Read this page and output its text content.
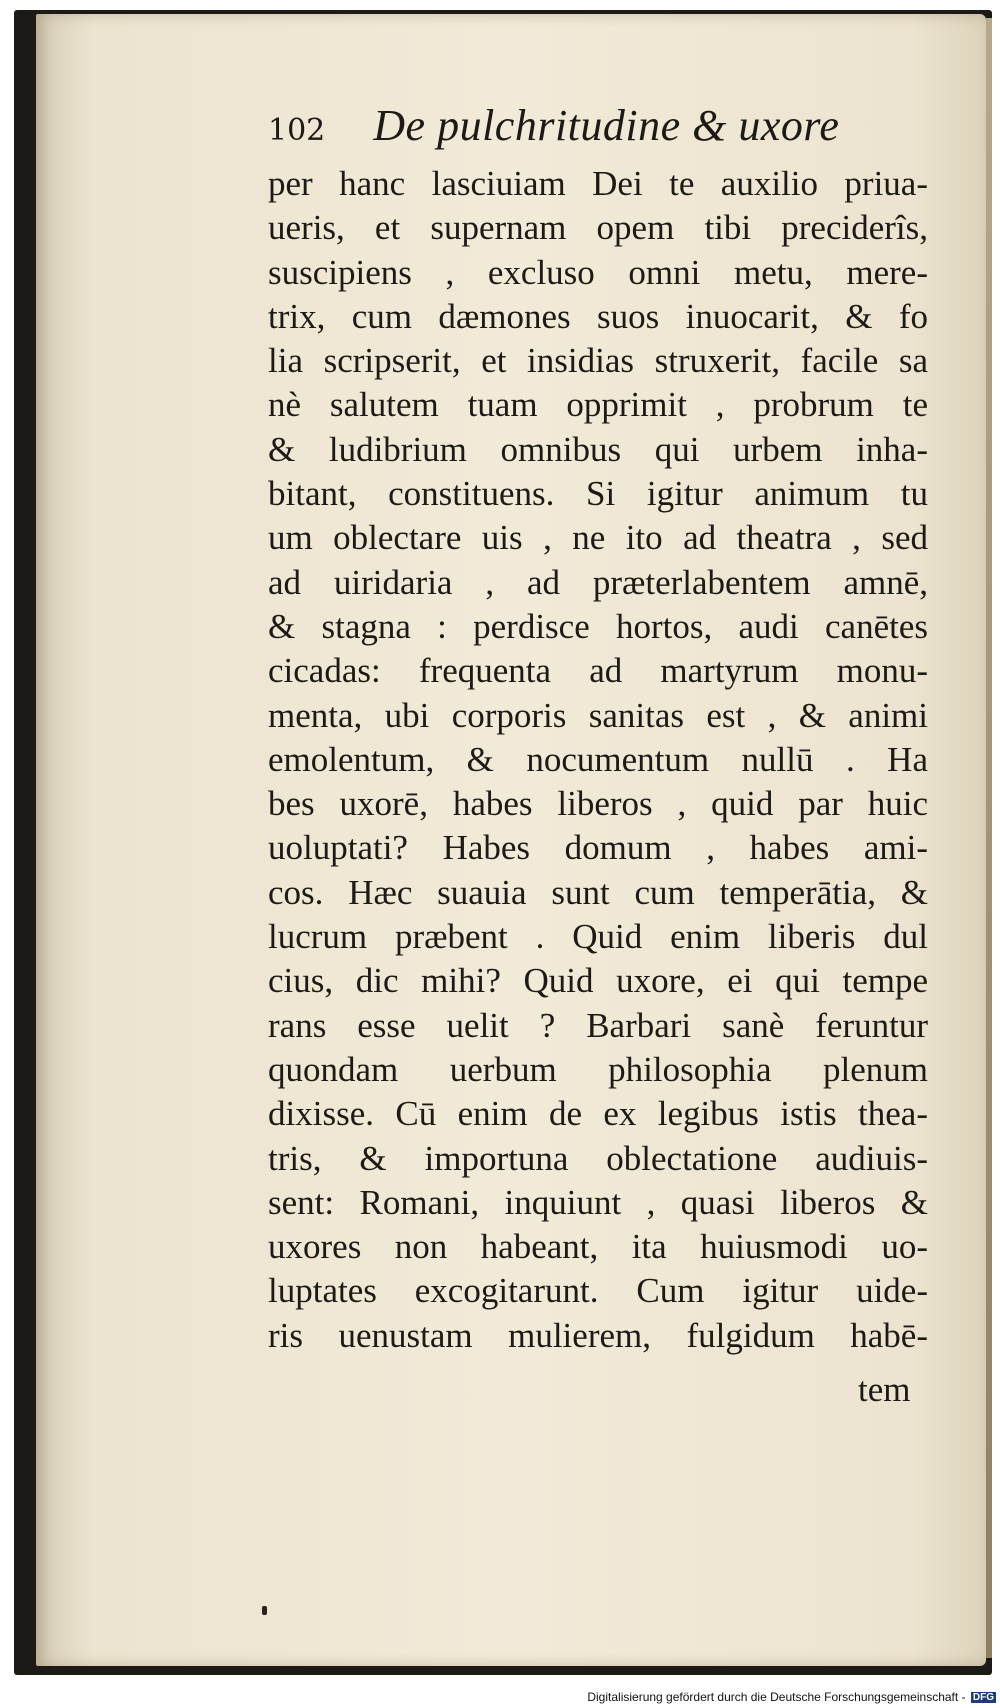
102 De pulchritudine & uxore
per hanc lasciuiam Dei te auxilio priua-
ueris, et supernam opem tibi preciderîs,
suscipiens , excluso omni metu, mere-
trix, cum dæmones suos inuocarit, & fo
lia scripserit, et insidias struxerit, facile sa
nè salutem tuam opprimit , probrum te
& ludibrium omnibus qui urbem inha-
bitant, constituens. Si igitur animum tu
um oblectare uis , ne ito ad theatra , sed
ad uiridaria , ad præterlabentem amnē,
& stagna : perdisce hortos, audi canētes
cicadas: frequenta ad martyrum monu-
menta, ubi corporis sanitas est , & animi
emolentum, & nocumentum nullū . Ha
bes uxorē, habes liberos , quid par huic
uoluptati? Habes domum , habes ami-
cos. Hæc suauia sunt cum temperātia, &
lucrum præbent . Quid enim liberis dul
cius, dic mihi? Quid uxore, ei qui tempe
rans esse uelit ? Barbari sanè feruntur
quondam uerbum philosophia plenum
dixisse. Cū enim de ex legibus istis thea-
tris, & importuna oblectatione audiuis-
sent: Romani, inquiunt , quasi liberos &
uxores non habeant, ita huiusmodi uo-
luptates excogitarunt. Cum igitur uide-
ris uenustam mulierem, fulgidum habē-
tem
Digitalisierung gefördert durch die Deutsche Forschungsgemeinschaft - DFG
